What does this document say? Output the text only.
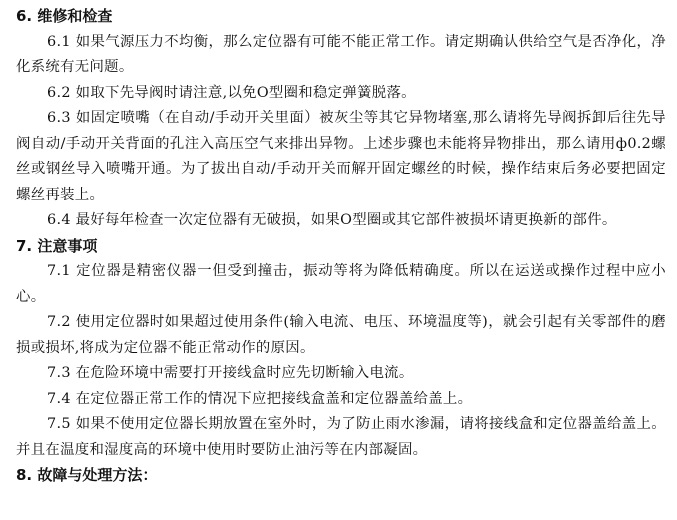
6. 维修和检查

6.1 如果气源压力不均衡，那么定位器有可能不能正常工作。请定期确认供给空气是否净化，净化系统有无问题。

6.2 如取下先导阀时请注意,以免O型圈和稳定弹簧脱落。

6.3 如固定喷嘴（在自动/手动开关里面）被灰尘等其它异物堵塞,那么请将先导阀拆卸后往先导阀自动/手动开关背面的孔注入高压空气来排出异物。上述步骤也未能将异物排出，那么请用ф0.2螺丝或钢丝导入喷嘴开通。为了拔出自动/手动开关而解开固定螺丝的时候，操作结束后务必要把固定螺丝再装上。

6.4 最好每年检查一次定位器有无破损，如果O型圈或其它部件被损坏请更换新的部件。

7. 注意事项

7.1 定位器是精密仪器一但受到撞击，振动等将为降低精确度。所以在运送或操作过程中应小心。

7.2 使用定位器时如果超过使用条件(输入电流、电压、环境温度等)，就会引起有关零部件的磨损或损坏,将成为定位器不能正常动作的原因。

7.3 在危险环境中需要打开接线盒时应先切断输入电流。

7.4 在定位器正常工作的情况下应把接线盒盖和定位器盖给盖上。

7.5 如果不使用定位器长期放置在室外时，为了防止雨水渗漏，请将接线盒和定位器盖给盖上。并且在温度和湿度高的环境中使用时要防止油污等在内部凝固。

8. 故障与处理方法：
